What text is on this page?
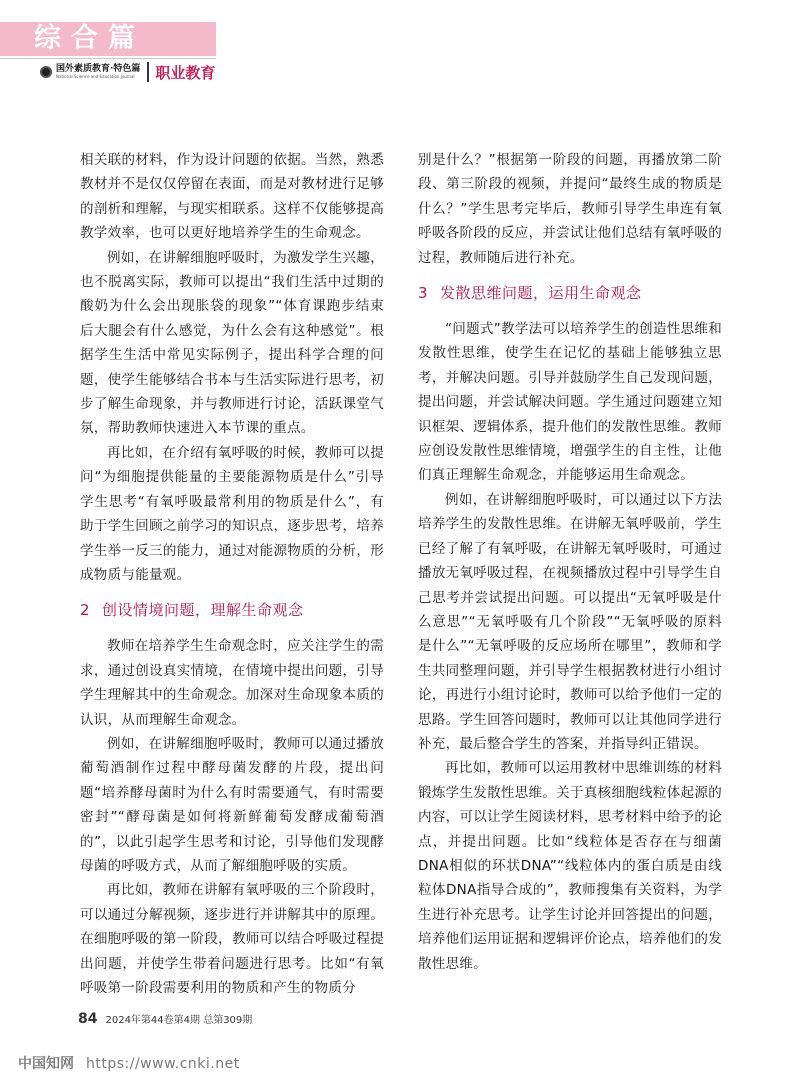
综合篇
国外素质教育·特色篇
National Science and Education Journal	职业教育

相关联的材料，作为设计问题的依据。当然，熟悉教材并不是仅仅停留在表面，而是对教材进行足够的剖析和理解，与现实相联系。这样不仅能够提高教学效率，也可以更好地培养学生的生命观念。

例如，在讲解细胞呼吸时，为激发学生兴趣，也不脱离实际，教师可以提出“我们生活中过期的酸奶为什么会出现胀袋的现象”“体育课跑步结束后大腿会有什么感觉，为什么会有这种感觉”。根据学生生活中常见实际例子，提出科学合理的问题，使学生能够结合书本与生活实际进行思考，初步了解生命现象，并与教师进行讨论，活跃课堂气氛，帮助教师快速进入本节课的重点。

再比如，在介绍有氧呼吸的时候，教师可以提问“为细胞提供能量的主要能源物质是什么”引导学生思考“有氧呼吸最常利用的物质是什么”，有助于学生回顾之前学习的知识点，逐步思考，培养学生举一反三的能力，通过对能源物质的分析，形成物质与能量观。

2 创设情境问题，理解生命观念

教师在培养学生生命观念时，应关注学生的需求，通过创设真实情境，在情境中提出问题，引导学生理解其中的生命观念。加深对生命现象本质的认识，从而理解生命观念。

例如，在讲解细胞呼吸时，教师可以通过播放葡萄酒制作过程中酵母菌发酵的片段，提出问题“培养酵母菌时为什么有时需要通气，有时需要密封”“酵母菌是如何将新鲜葡萄发酵成葡萄酒的”，以此引起学生思考和讨论，引导他们发现酵母菌的呼吸方式，从而了解细胞呼吸的实质。

再比如，教师在讲解有氧呼吸的三个阶段时，可以通过分解视频，逐步进行并讲解其中的原理。在细胞呼吸的第一阶段，教师可以结合呼吸过程提出问题，并使学生带着问题进行思考。比如“有氧呼吸第一阶段需要利用的物质和产生的物质分

别是什么？”根据第一阶段的问题，再播放第二阶段、第三阶段的视频，并提问“最终生成的物质是什么？”学生思考完毕后，教师引导学生串连有氧呼吸各阶段的反应，并尝试让他们总结有氧呼吸的过程，教师随后进行补充。

3 发散思维问题，运用生命观念

“问题式”教学法可以培养学生的创造性思维和发散性思维，使学生在记忆的基础上能够独立思考，并解决问题。引导并鼓励学生自己发现问题，提出问题，并尝试解决问题。学生通过问题建立知识框架、逻辑体系，提升他们的发散性思维。教师应创设发散性思维情境，增强学生的自主性，让他们真正理解生命观念，并能够运用生命观念。

例如，在讲解细胞呼吸时，可以通过以下方法培养学生的发散性思维。在讲解无氧呼吸前，学生已经了解了有氧呼吸，在讲解无氧呼吸时，可通过播放无氧呼吸过程，在视频播放过程中引导学生自己思考并尝试提出问题。可以提出“无氧呼吸是什么意思”“无氧呼吸有几个阶段”“无氧呼吸的原料是什么”“无氧呼吸的反应场所在哪里”，教师和学生共同整理问题，并引导学生根据教材进行小组讨论，再进行小组讨论时，教师可以给予他们一定的思路。学生回答问题时，教师可以让其他同学进行补充，最后整合学生的答案，并指导纠正错误。

再比如，教师可以运用教材中思维训练的材料锻炼学生发散性思维。关于真核细胞线粒体起源的内容，可以让学生阅读材料，思考材料中给予的论点，并提出问题。比如“线粒体是否存在与细菌DNA相似的环状DNA”“线粒体内的蛋白质是由线粒体DNA指导合成的”，教师搜集有关资料，为学生进行补充思考。让学生讨论并回答提出的问题，培养他们运用证据和逻辑评价论点，培养他们的发散性思维。

84 2024年第44卷第4期 总第309期
中国知网 https://www.cnki.net
